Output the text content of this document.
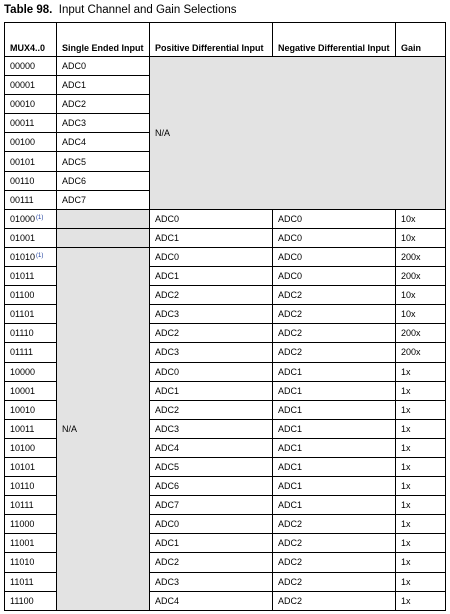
Table 98. Input Channel and Gain Selections
MUX4..0	Single Ended Input	Positive Differential Input	Negative Differential Input	Gain
00000	ADC0	N/A		
00001	ADC1			
00010	ADC2			
00011	ADC3			
00100	ADC4			
00101	ADC5			
00110	ADC6			
00111	ADC7			
01000$^{(1)}$		ADC0	ADC0	10x
01001		ADC1	ADC0	10x
01010$^{(1)}$	N/A	ADC0	ADC0	200x
01011		ADC1	ADC0	200x
01100		ADC2	ADC2	10x
01101		ADC3	ADC2	10x
01110		ADC2	ADC2	200x
01111		ADC3	ADC2	200x
10000		ADC0	ADC1	1x
10001		ADC1	ADC1	1x
10010		ADC2	ADC1	1x
10011		ADC3	ADC1	1x
10100		ADC4	ADC1	1x
10101		ADC5	ADC1	1x
10110		ADC6	ADC1	1x
10111		ADC7	ADC1	1x
11000		ADC0	ADC2	1x
11001		ADC1	ADC2	1x
11010		ADC2	ADC2	1x
11011		ADC3	ADC2	1x
11100		ADC4	ADC2	1x
